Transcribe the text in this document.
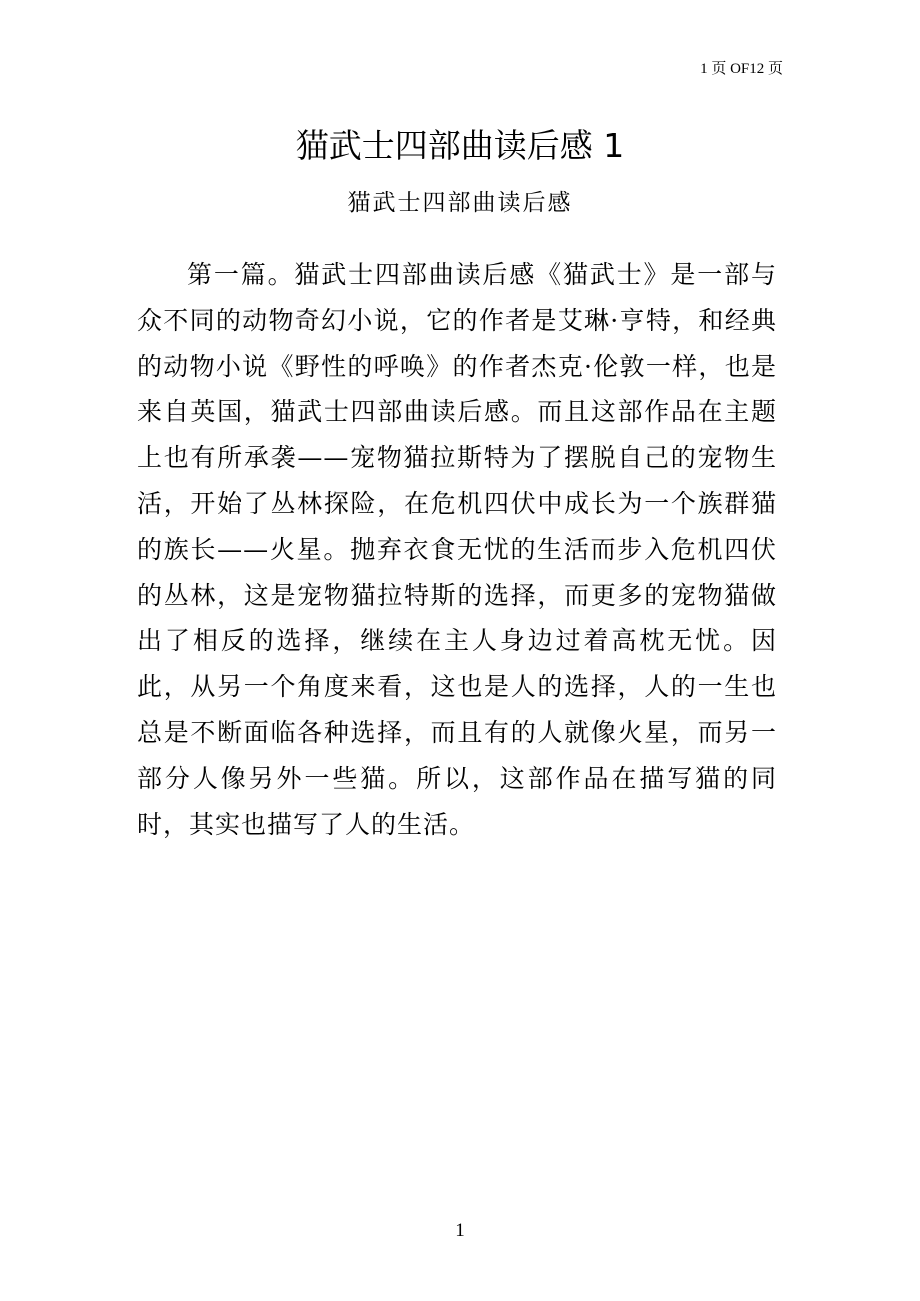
1 页 OF12 页
猫武士四部曲读后感 1
猫武士四部曲读后感

第一篇。猫武士四部曲读后感《猫武士》是一部与众不同的动物奇幻小说，它的作者是艾琳·亨特，和经典的动物小说《野性的呼唤》的作者杰克·伦敦一样，也是来自英国，猫武士四部曲读后感。而且这部作品在主题上也有所承袭——宠物猫拉斯特为了摆脱自己的宠物生活，开始了丛林探险，在危机四伏中成长为一个族群猫的族长——火星。抛弃衣食无忧的生活而步入危机四伏的丛林，这是宠物猫拉特斯的选择，而更多的宠物猫做出了相反的选择，继续在主人身边过着高枕无忧。因此，从另一个角度来看，这也是人的选择，人的一生也总是不断面临各种选择，而且有的人就像火星，而另一部分人像另外一些猫。所以，这部作品在描写猫的同时，其实也描写了人的生活。

1
